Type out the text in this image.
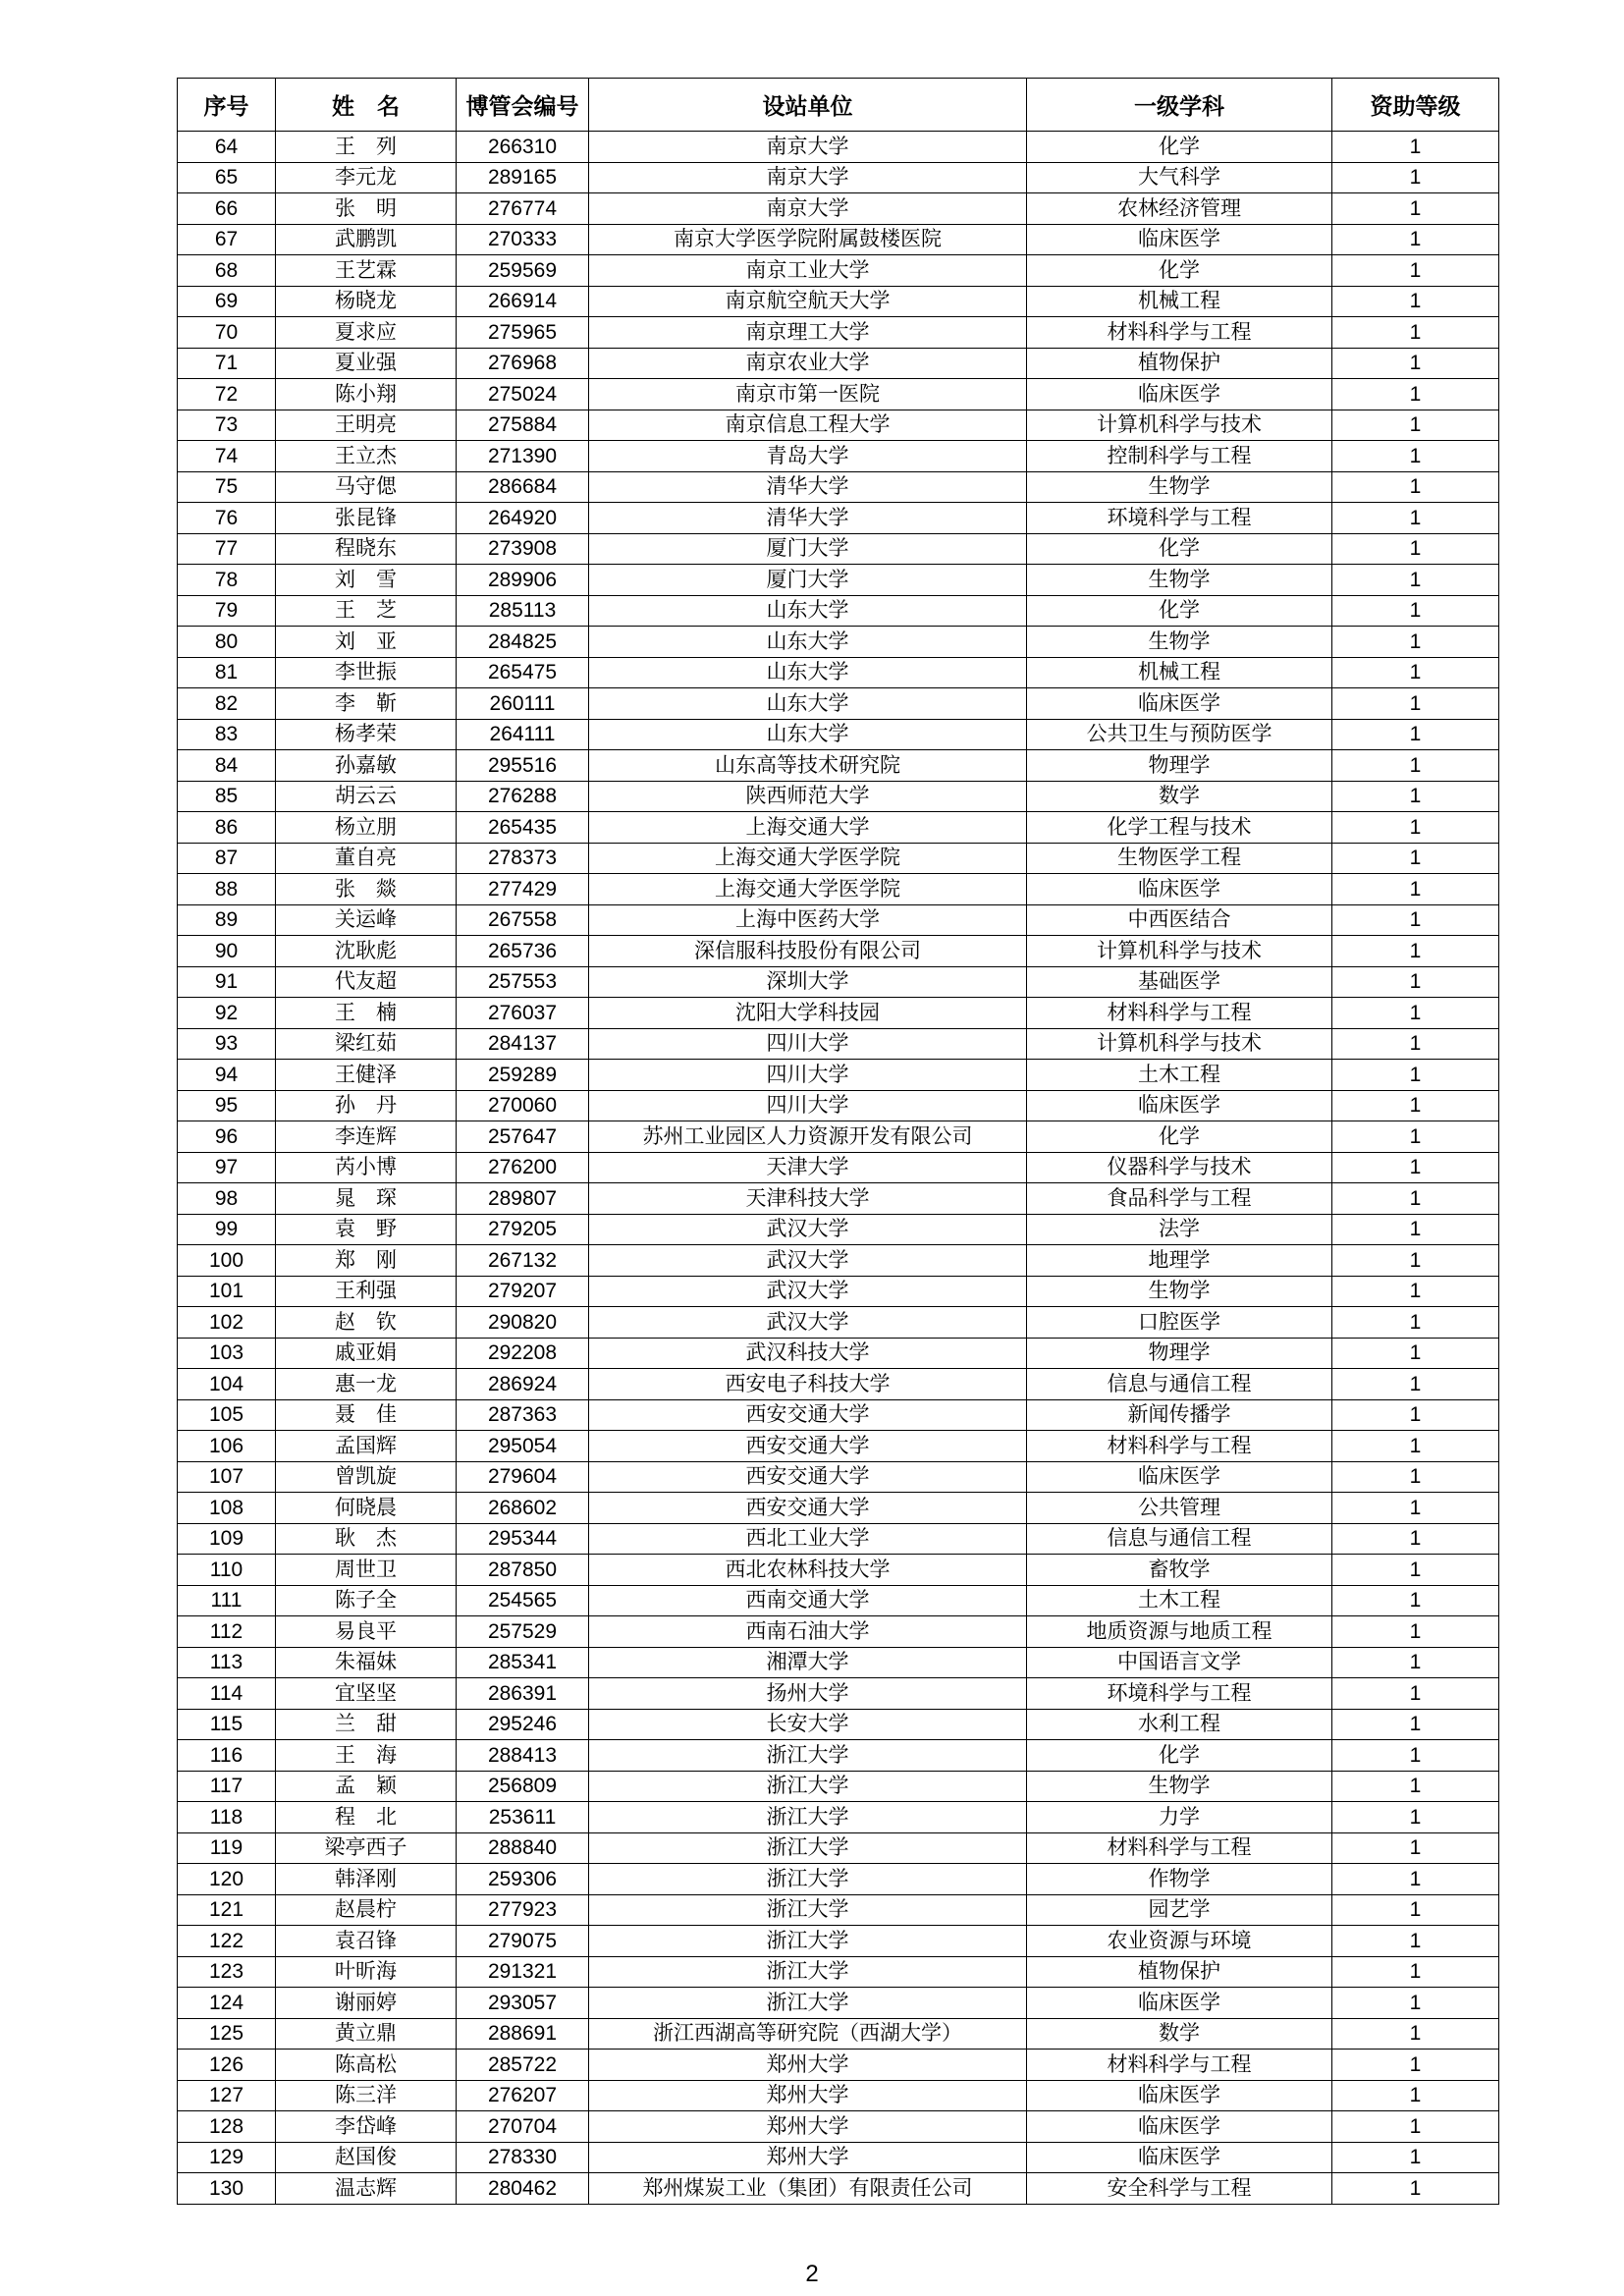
序号	姓　名	博管会编号	设站单位	一级学科	资助等级
64	王　列	266310	南京大学	化学	1
65	李元龙	289165	南京大学	大气科学	1
66	张　明	276774	南京大学	农林经济管理	1
67	武鹏凯	270333	南京大学医学院附属鼓楼医院	临床医学	1
68	王艺霖	259569	南京工业大学	化学	1
69	杨晓龙	266914	南京航空航天大学	机械工程	1
70	夏求应	275965	南京理工大学	材料科学与工程	1
71	夏业强	276968	南京农业大学	植物保护	1
72	陈小翔	275024	南京市第一医院	临床医学	1
73	王明亮	275884	南京信息工程大学	计算机科学与技术	1
74	王立杰	271390	青岛大学	控制科学与工程	1
75	马守偲	286684	清华大学	生物学	1
76	张昆锋	264920	清华大学	环境科学与工程	1
77	程晓东	273908	厦门大学	化学	1
78	刘　雪	289906	厦门大学	生物学	1
79	王　芝	285113	山东大学	化学	1
80	刘　亚	284825	山东大学	生物学	1
81	李世振	265475	山东大学	机械工程	1
82	李　靳	260111	山东大学	临床医学	1
83	杨孝荣	264111	山东大学	公共卫生与预防医学	1
84	孙嘉敏	295516	山东高等技术研究院	物理学	1
85	胡云云	276288	陕西师范大学	数学	1
86	杨立朋	265435	上海交通大学	化学工程与技术	1
87	董自亮	278373	上海交通大学医学院	生物医学工程	1
88	张　燚	277429	上海交通大学医学院	临床医学	1
89	关运峰	267558	上海中医药大学	中西医结合	1
90	沈耿彪	265736	深信服科技股份有限公司	计算机科学与技术	1
91	代友超	257553	深圳大学	基础医学	1
92	王　楠	276037	沈阳大学科技园	材料科学与工程	1
93	梁红茹	284137	四川大学	计算机科学与技术	1
94	王健泽	259289	四川大学	土木工程	1
95	孙　丹	270060	四川大学	临床医学	1
96	李连辉	257647	苏州工业园区人力资源开发有限公司	化学	1
97	芮小博	276200	天津大学	仪器科学与技术	1
98	晁　琛	289807	天津科技大学	食品科学与工程	1
99	袁　野	279205	武汉大学	法学	1
100	郑　刚	267132	武汉大学	地理学	1
101	王利强	279207	武汉大学	生物学	1
102	赵　钦	290820	武汉大学	口腔医学	1
103	戚亚娟	292208	武汉科技大学	物理学	1
104	惠一龙	286924	西安电子科技大学	信息与通信工程	1
105	聂　佳	287363	西安交通大学	新闻传播学	1
106	孟国辉	295054	西安交通大学	材料科学与工程	1
107	曾凯旋	279604	西安交通大学	临床医学	1
108	何晓晨	268602	西安交通大学	公共管理	1
109	耿　杰	295344	西北工业大学	信息与通信工程	1
110	周世卫	287850	西北农林科技大学	畜牧学	1
111	陈子全	254565	西南交通大学	土木工程	1
112	易良平	257529	西南石油大学	地质资源与地质工程	1
113	朱福妹	285341	湘潭大学	中国语言文学	1
114	宜坚坚	286391	扬州大学	环境科学与工程	1
115	兰　甜	295246	长安大学	水利工程	1
116	王　海	288413	浙江大学	化学	1
117	孟　颖	256809	浙江大学	生物学	1
118	程　北	253611	浙江大学	力学	1
119	梁亭西子	288840	浙江大学	材料科学与工程	1
120	韩泽刚	259306	浙江大学	作物学	1
121	赵晨柠	277923	浙江大学	园艺学	1
122	袁召锋	279075	浙江大学	农业资源与环境	1
123	叶昕海	291321	浙江大学	植物保护	1
124	谢丽婷	293057	浙江大学	临床医学	1
125	黄立鼎	288691	浙江西湖高等研究院（西湖大学）	数学	1
126	陈高松	285722	郑州大学	材料科学与工程	1
127	陈三洋	276207	郑州大学	临床医学	1
128	李岱峰	270704	郑州大学	临床医学	1
129	赵国俊	278330	郑州大学	临床医学	1
130	温志辉	280462	郑州煤炭工业（集团）有限责任公司	安全科学与工程	1
2
